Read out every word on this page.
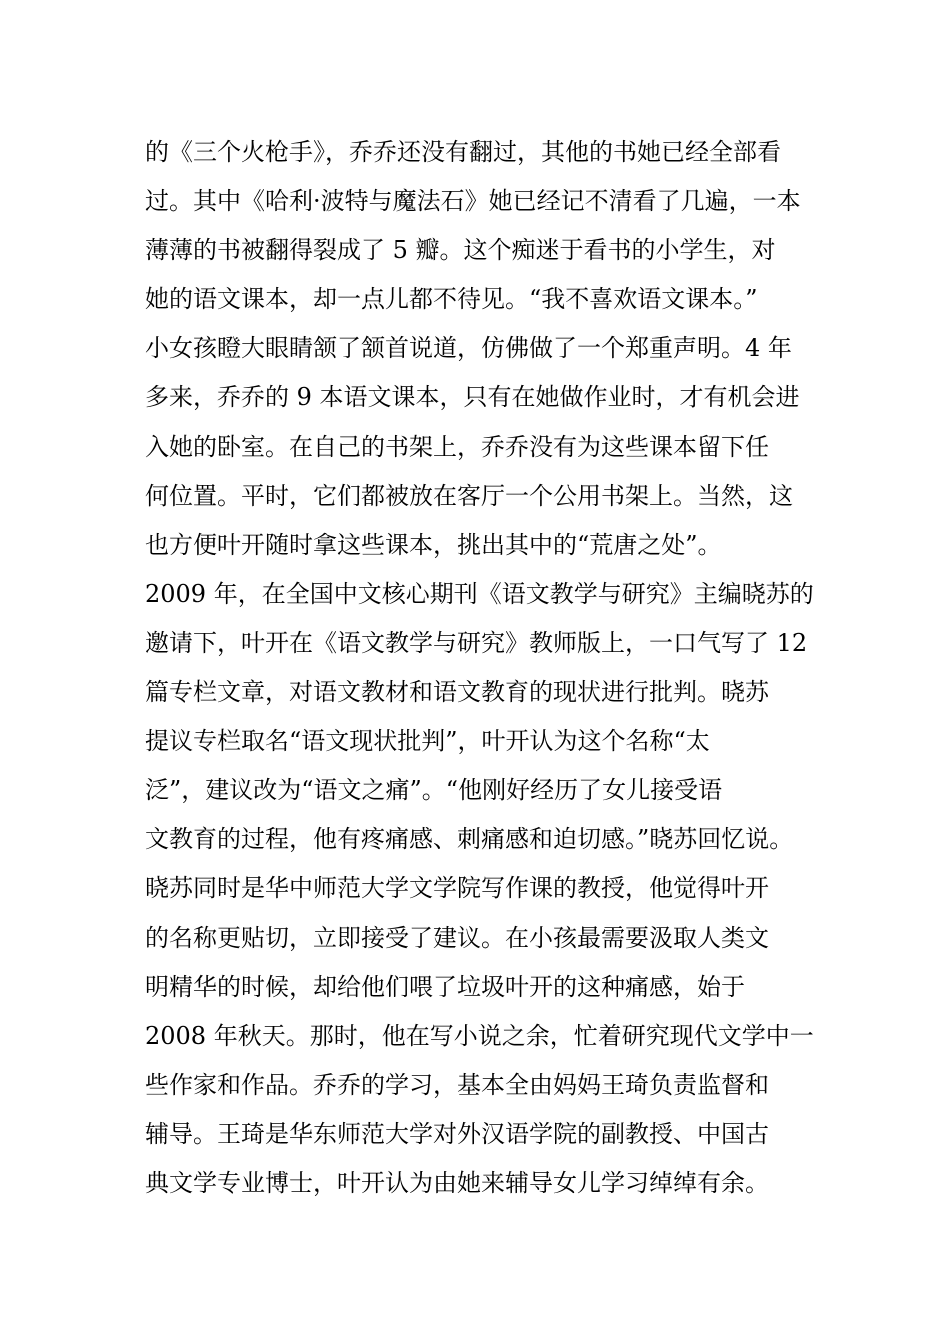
的《三个火枪手》，乔乔还没有翻过，其他的书她已经全部看
过。其中《哈利·波特与魔法石》她已经记不清看了几遍，一本
薄薄的书被翻得裂成了 5 瓣。这个痴迷于看书的小学生，对
她的语文课本，却一点儿都不待见。“我不喜欢语文课本。”
小女孩瞪大眼睛颔了颔首说道，仿佛做了一个郑重声明。4 年
多来，乔乔的 9 本语文课本，只有在她做作业时，才有机会进
入她的卧室。在自己的书架上，乔乔没有为这些课本留下任
何位置。平时，它们都被放在客厅一个公用书架上。当然，这
也方便叶开随时拿这些课本，挑出其中的“荒唐之处”。
2009 年，在全国中文核心期刊《语文教学与研究》主编晓苏的
邀请下，叶开在《语文教学与研究》教师版上，一口气写了 12
篇专栏文章，对语文教材和语文教育的现状进行批判。晓苏
提议专栏取名“语文现状批判”，叶开认为这个名称“太
泛”，建议改为“语文之痛”。“他刚好经历了女儿接受语
文教育的过程，他有疼痛感、刺痛感和迫切感。”晓苏回忆说。
晓苏同时是华中师范大学文学院写作课的教授，他觉得叶开
的名称更贴切，立即接受了建议。在小孩最需要汲取人类文
明精华的时候，却给他们喂了垃圾叶开的这种痛感，始于
2008 年秋天。那时，他在写小说之余，忙着研究现代文学中一
些作家和作品。乔乔的学习，基本全由妈妈王琦负责监督和
辅导。王琦是华东师范大学对外汉语学院的副教授、中国古
典文学专业博士，叶开认为由她来辅导女儿学习绰绰有余。
